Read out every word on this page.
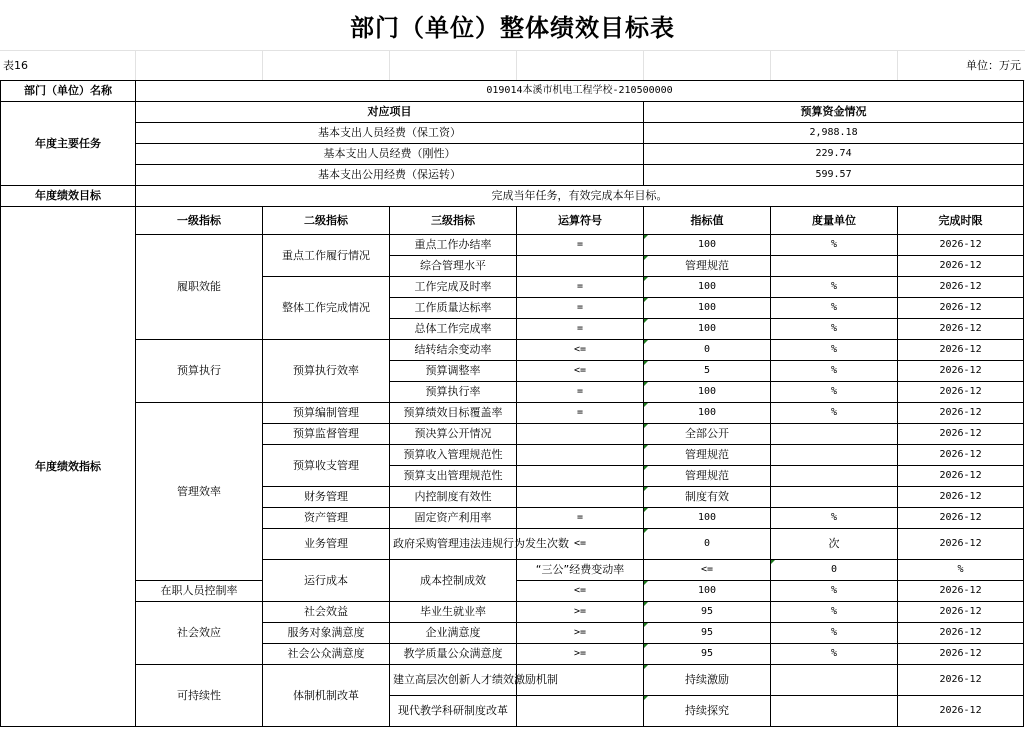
部门（单位）整体绩效目标表
表16	单位：万元
部门（单位）名称	019014本溪市机电工程学校-210500000							
年度主要任务	对应项目				预算资金情况			
	基本支出人员经费（保工资）				2,988.18			
	基本支出人员经费（刚性）				229.74			
	基本支出公用经费（保运转）				599.57			
年度绩效目标	完成当年任务，有效完成本年目标。							
年度绩效指标	一级指标	二级指标	三级指标	运算符号	指标值	度量单位	完成时限	
	履职效能	重点工作履行情况	重点工作办结率	=	100	%	2026-12	
			综合管理水平		管理规范		2026-12	
		整体工作完成情况	工作完成及时率	=	100	%	2026-12	
			工作质量达标率	=	100	%	2026-12	
			总体工作完成率	=	100	%	2026-12	
	预算执行	预算执行效率	结转结余变动率	<=	0	%	2026-12	
			预算调整率	<=	5	%	2026-12	
			预算执行率	=	100	%	2026-12	
	管理效率	预算编制管理	预算绩效目标覆盖率	=	100	%	2026-12	
		预算监督管理	预决算公开情况		全部公开		2026-12	
		预算收支管理	预算收入管理规范性		管理规范		2026-12	
			预算支出管理规范性		管理规范		2026-12	
		财务管理	内控制度有效性		制度有效		2026-12	
		资产管理	固定资产利用率	=	100	%	2026-12	
		业务管理	政府采购管理违法违规行为发生次数	<=	0	次	2026-12	
		运行成本	成本控制成效	“三公”经费变动率	<=	0	%	
	在职人员控制率			<=	100	%	2026-12	
	社会效应	社会效益	毕业生就业率	>=	95	%	2026-12	
		服务对象满意度	企业满意度	>=	95	%	2026-12	
		社会公众满意度	教学质量公众满意度	>=	95	%	2026-12	
	可持续性	体制机制改革	建立高层次创新人才绩效激励机制		持续激励		2026-12	
			现代教学科研制度改革		持续探究		2026-12	
